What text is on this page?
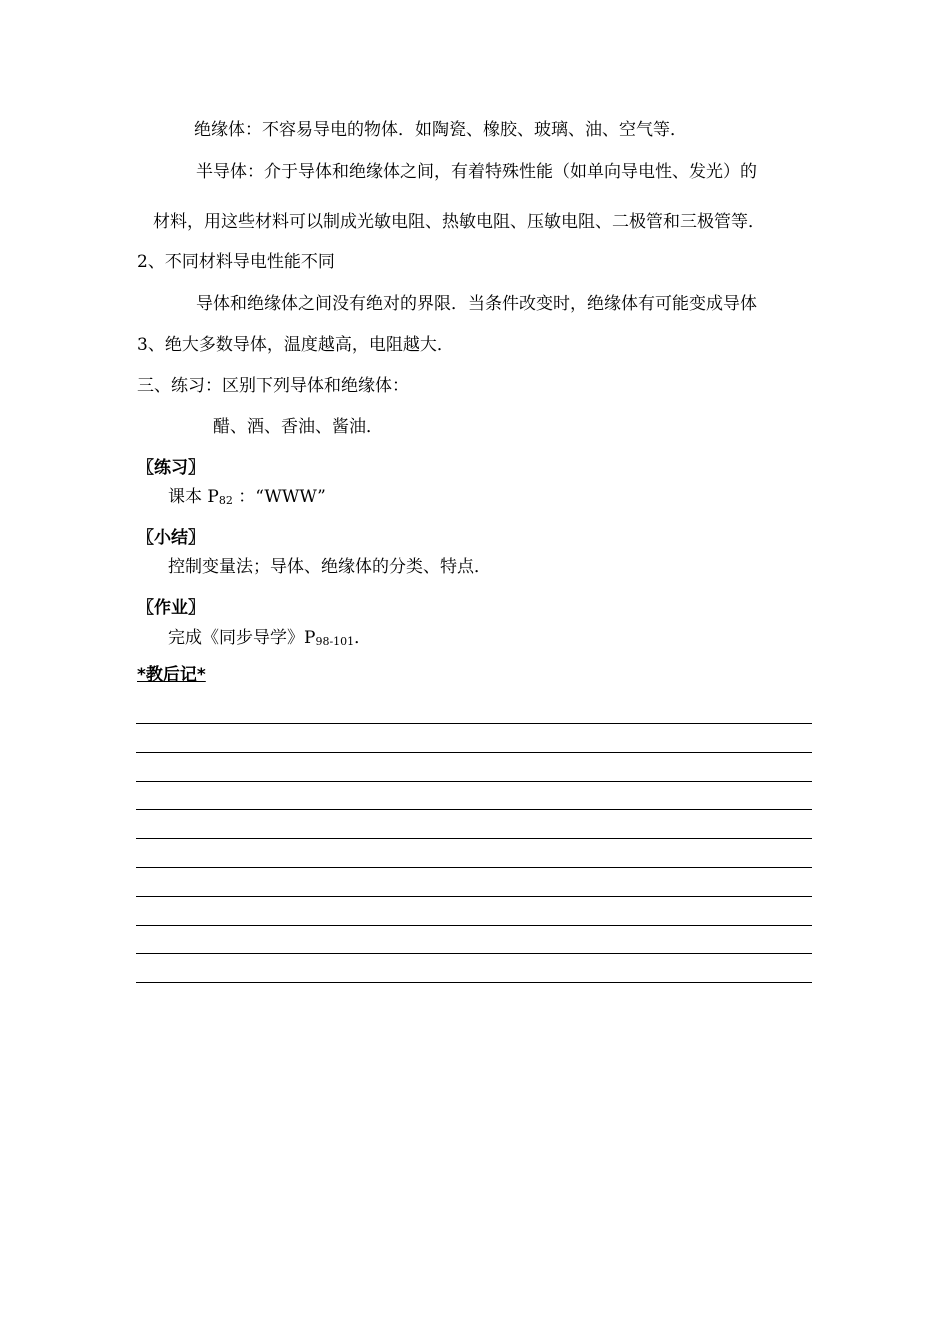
绝缘体：不容易导电的物体．如陶瓷、橡胶、玻璃、油、空气等．
半导体：介于导体和绝缘体之间，有着特殊性能（如单向导电性、发光）的
材料，用这些材料可以制成光敏电阻、热敏电阻、压敏电阻、二极管和三极管等．
2、不同材料导电性能不同
导体和绝缘体之间没有绝对的界限．当条件改变时，绝缘体有可能变成导体
3、绝大多数导体，温度越高，电阻越大．
三、练习：区别下列导体和绝缘体：
醋、酒、香油、酱油．
〖练习〗
课本 $P_{82}$ ：“WWW”
〖小结〗
控制变量法；导体、绝缘体的分类、特点．
〖作业〗
完成《同步导学》$P_{98-101}$．
*教后记*
